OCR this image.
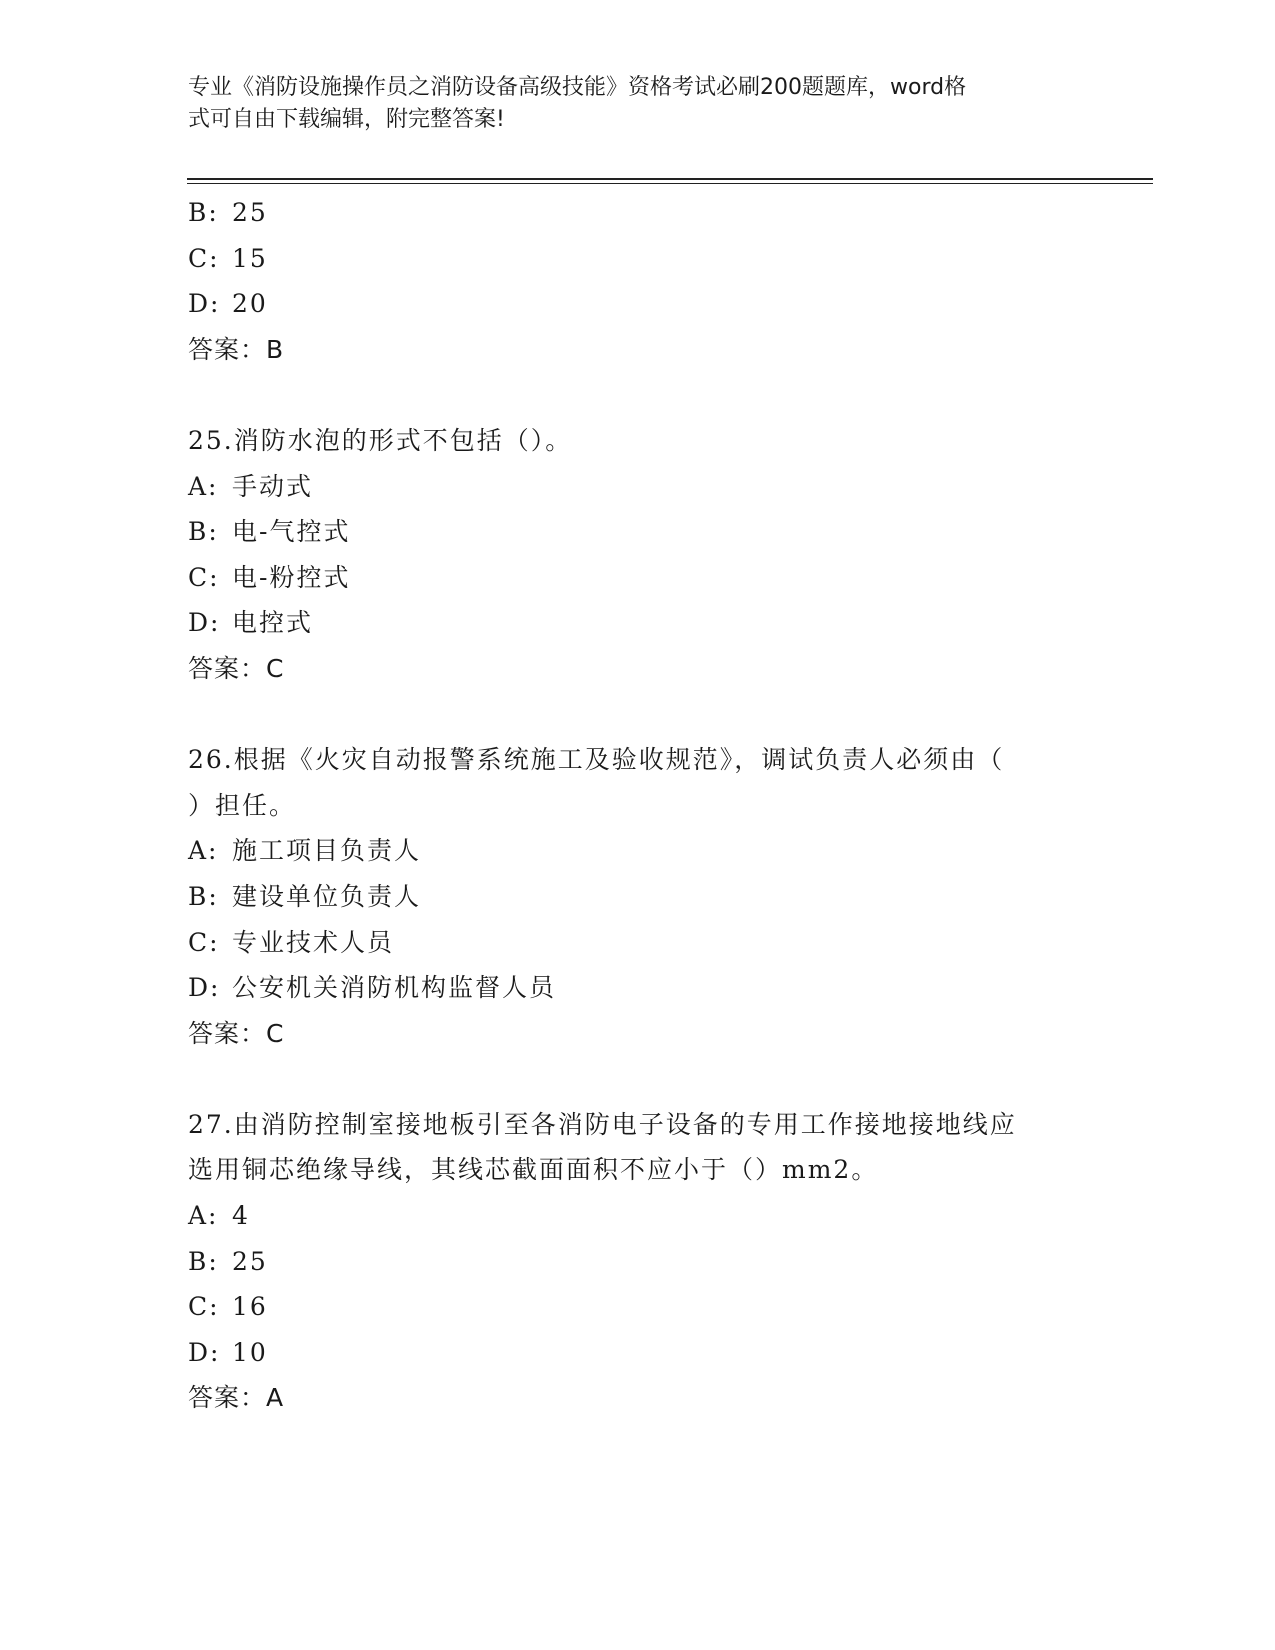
专业《消防设施操作员之消防设备高级技能》资格考试必刷200题题库，word格
式可自由下载编辑，附完整答案!
B: 25
C: 15
D: 20
答案：B
25.消防水泡的形式不包括（）。
A: 手动式
B: 电-气控式
C: 电-粉控式
D: 电控式
答案：C
26.根据《火灾自动报警系统施工及验收规范》，调试负责人必须由（
）担任。
A: 施工项目负责人
B: 建设单位负责人
C: 专业技术人员
D: 公安机关消防机构监督人员
答案：C
27.由消防控制室接地板引至各消防电子设备的专用工作接地接地线应
选用铜芯绝缘导线，其线芯截面面积不应小于（）mm2。
A: 4
B: 25
C: 16
D: 10
答案：A
